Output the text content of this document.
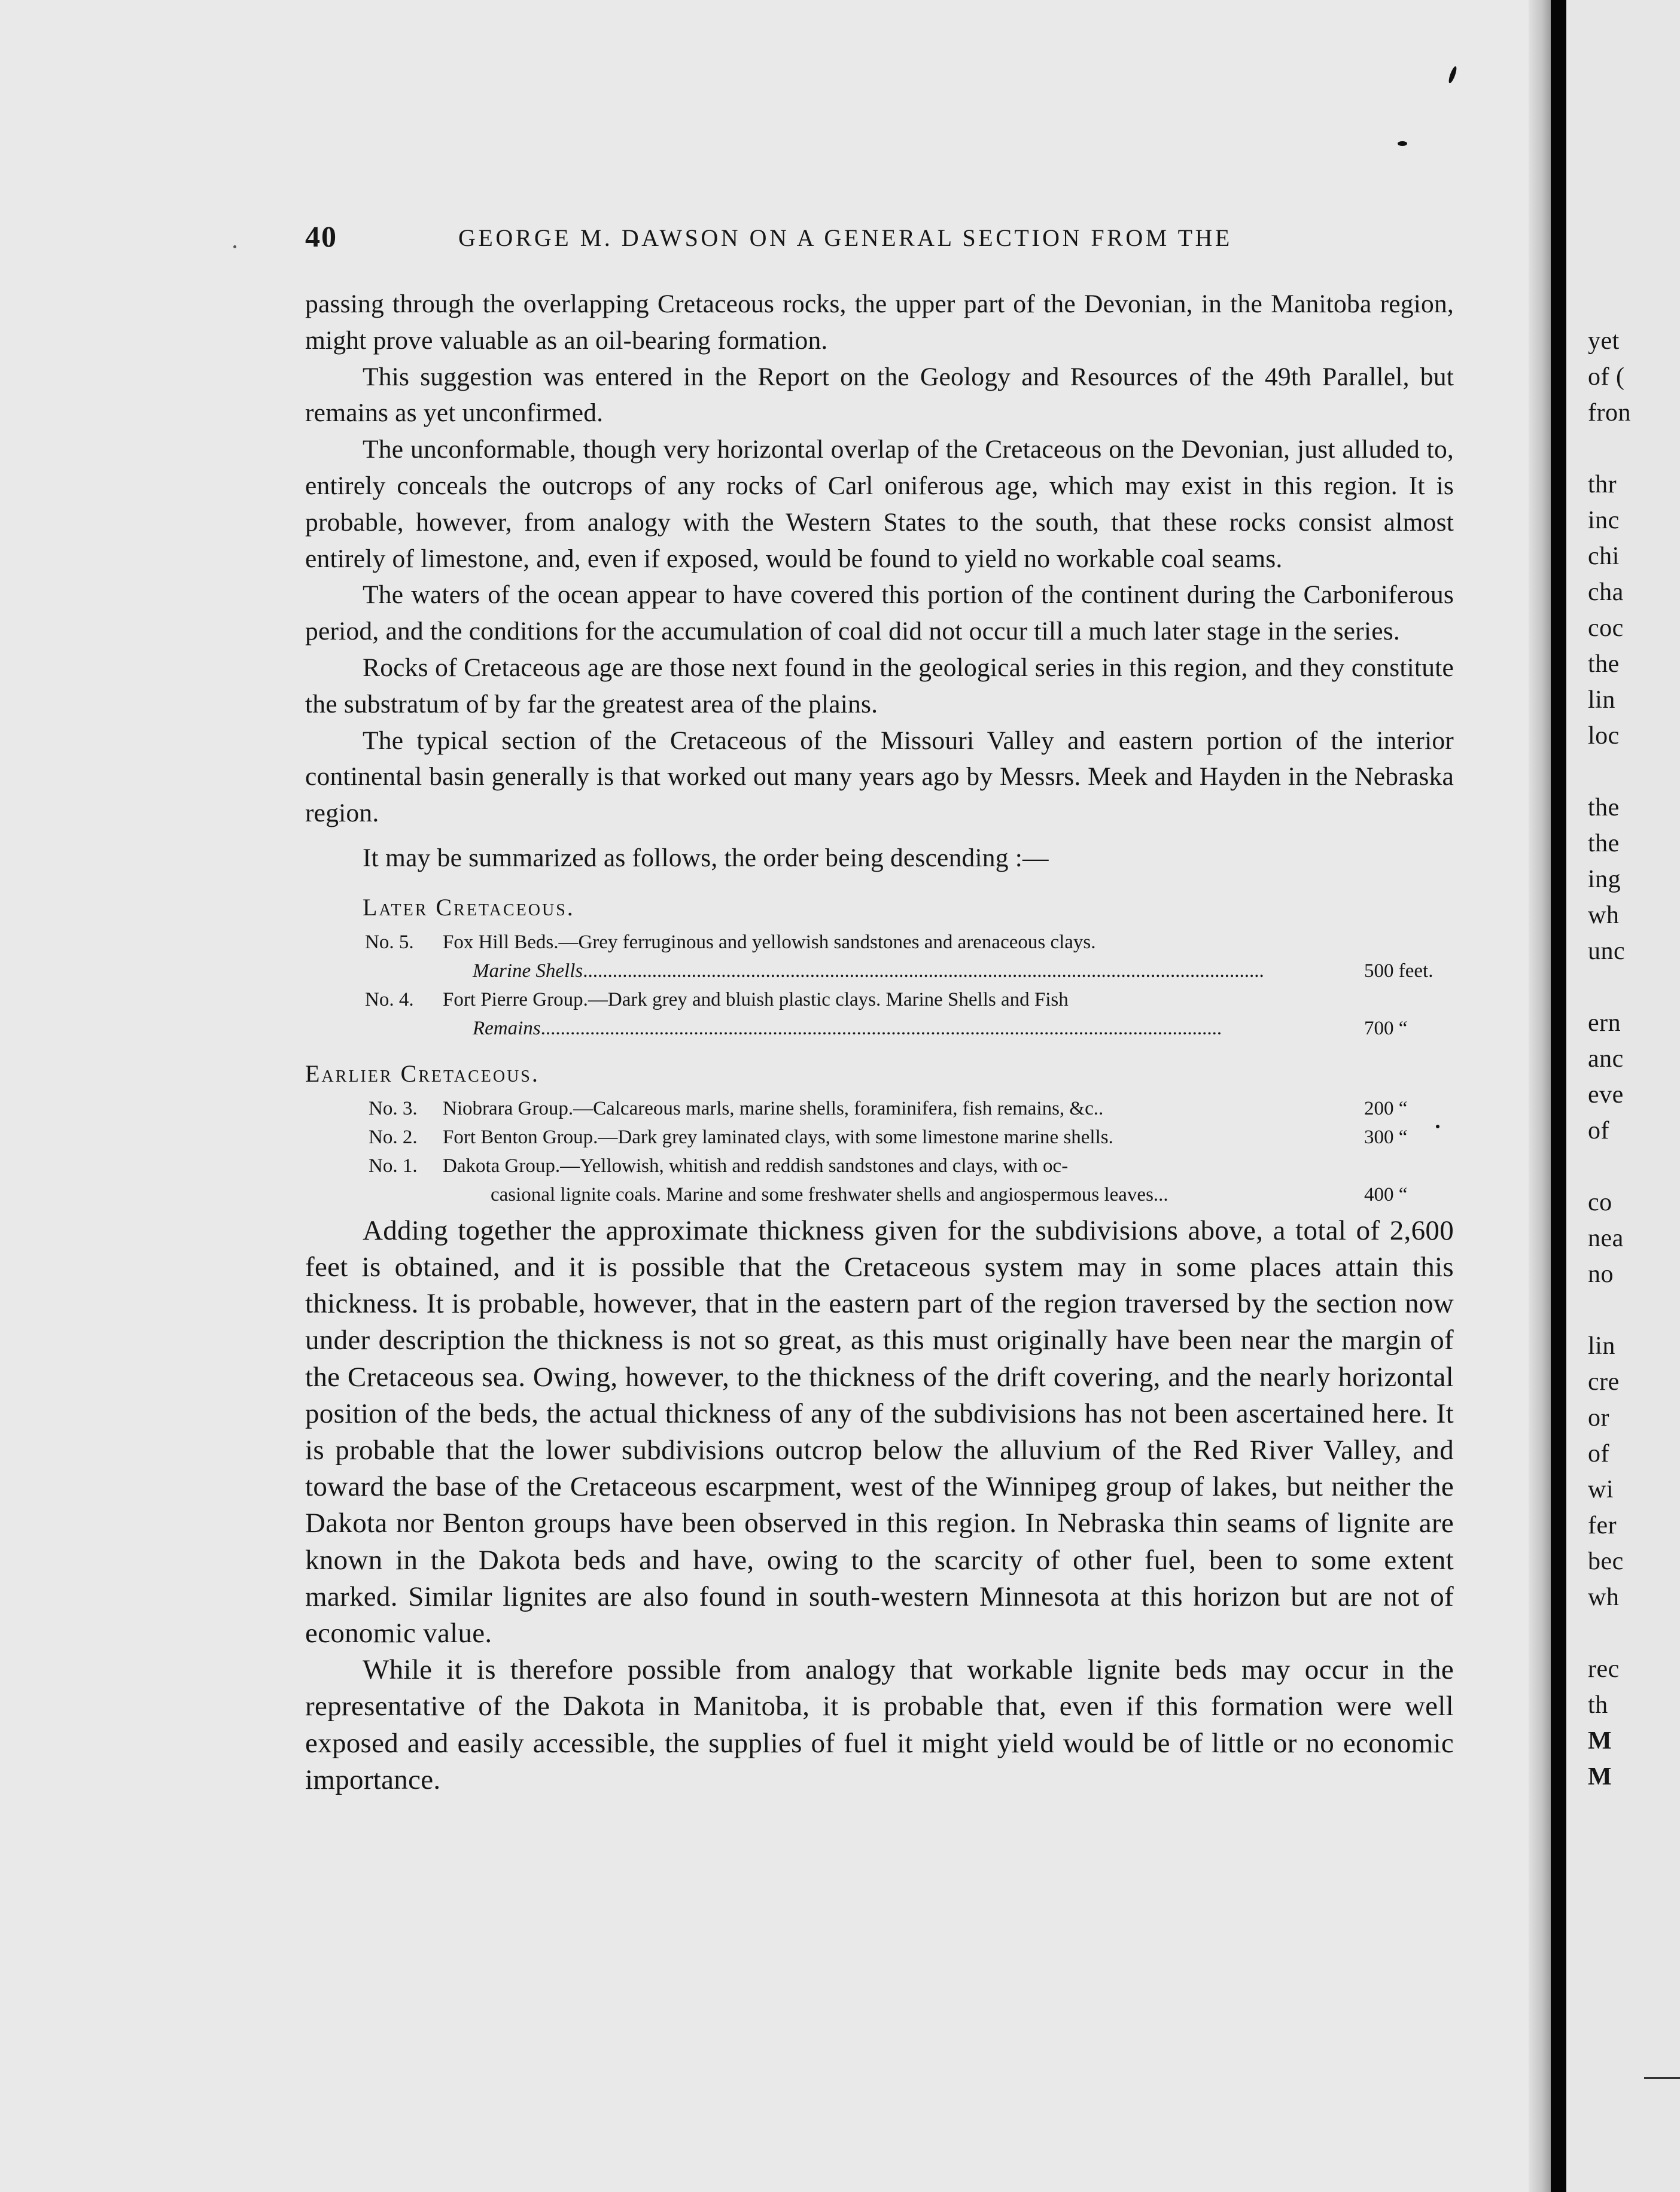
40	GEORGE M. DAWSON ON A GENERAL SECTION FROM THE

passing through the overlapping Cretaceous rocks, the upper part of the Devonian, in the Manitoba region, might prove valuable as an oil-bearing formation.

This suggestion was entered in the Report on the Geology and Resources of the 49th Parallel, but remains as yet unconfirmed.

The unconformable, though very horizontal overlap of the Cretaceous on the Devonian, just alluded to, entirely conceals the outcrops of any rocks of Carl oniferous age, which may exist in this region. It is probable, however, from analogy with the Western States to the south, that these rocks consist almost entirely of limestone, and, even if exposed, would be found to yield no workable coal seams.

The waters of the ocean appear to have covered this portion of the continent during the Carboniferous period, and the conditions for the accumulation of coal did not occur till a much later stage in the series.

Rocks of Cretaceous age are those next found in the geological series in this region, and they constitute the substratum of by far the greatest area of the plains.

The typical section of the Cretaceous of the Missouri Valley and eastern portion of the interior continental basin generally is that worked out many years ago by Messrs. Meek and Hayden in the Nebraska region.

It may be summarized as follows, the order being descending :—

Later Cretaceous.
No. 5.	Fox Hill Beds.—Grey ferruginous and yellowish sandstones and arenaceous clays.
Marine Shells..........................................................................................................................................	500 feet.
No. 4.	Fort Pierre Group.—Dark grey and bluish plastic clays. Marine Shells and Fish
Remains..........................................................................................................................................	700 “
Earlier Cretaceous.
No. 3.	Niobrara Group.—Calcareous marls, marine shells, foraminifera, fish remains, &c..	200 “
No. 2.	Fort Benton Group.—Dark grey laminated clays, with some limestone marine shells.	300 “
No. 1.	Dakota Group.—Yellowish, whitish and reddish sandstones and clays, with oc-
casional lignite coals. Marine and some freshwater shells and angiospermous leaves...	400 “

Adding together the approximate thickness given for the subdivisions above, a total of 2,600 feet is obtained, and it is possible that the Cretaceous system may in some places attain this thickness. It is probable, however, that in the eastern part of the region traversed by the section now under description the thickness is not so great, as this must originally have been near the margin of the Cretaceous sea. Owing, however, to the thickness of the drift covering, and the nearly horizontal position of the beds, the actual thickness of any of the subdivisions has not been ascertained here. It is probable that the lower subdivisions outcrop below the alluvium of the Red River Valley, and toward the base of the Cretaceous escarpment, west of the Winnipeg group of lakes, but neither the Dakota nor Benton groups have been observed in this region. In Nebraska thin seams of lignite are known in the Dakota beds and have, owing to the scarcity of other fuel, been to some extent marked. Similar lignites are also found in south-western Minnesota at this horizon but are not of economic value.

While it is therefore possible from analogy that workable lignite beds may occur in the representative of the Dakota in Manitoba, it is probable that, even if this formation were well exposed and easily accessible, the supplies of fuel it might yield would be of little or no economic importance.

yet
of (
fron
thr
inc
chi
cha
coc
the
lin
loc
the
the
ing
wh
unc
ern
anc
eve
of
co
nea
no
lin
cre
or
of
wi
fer
bec
wh
rec
th
M
M
